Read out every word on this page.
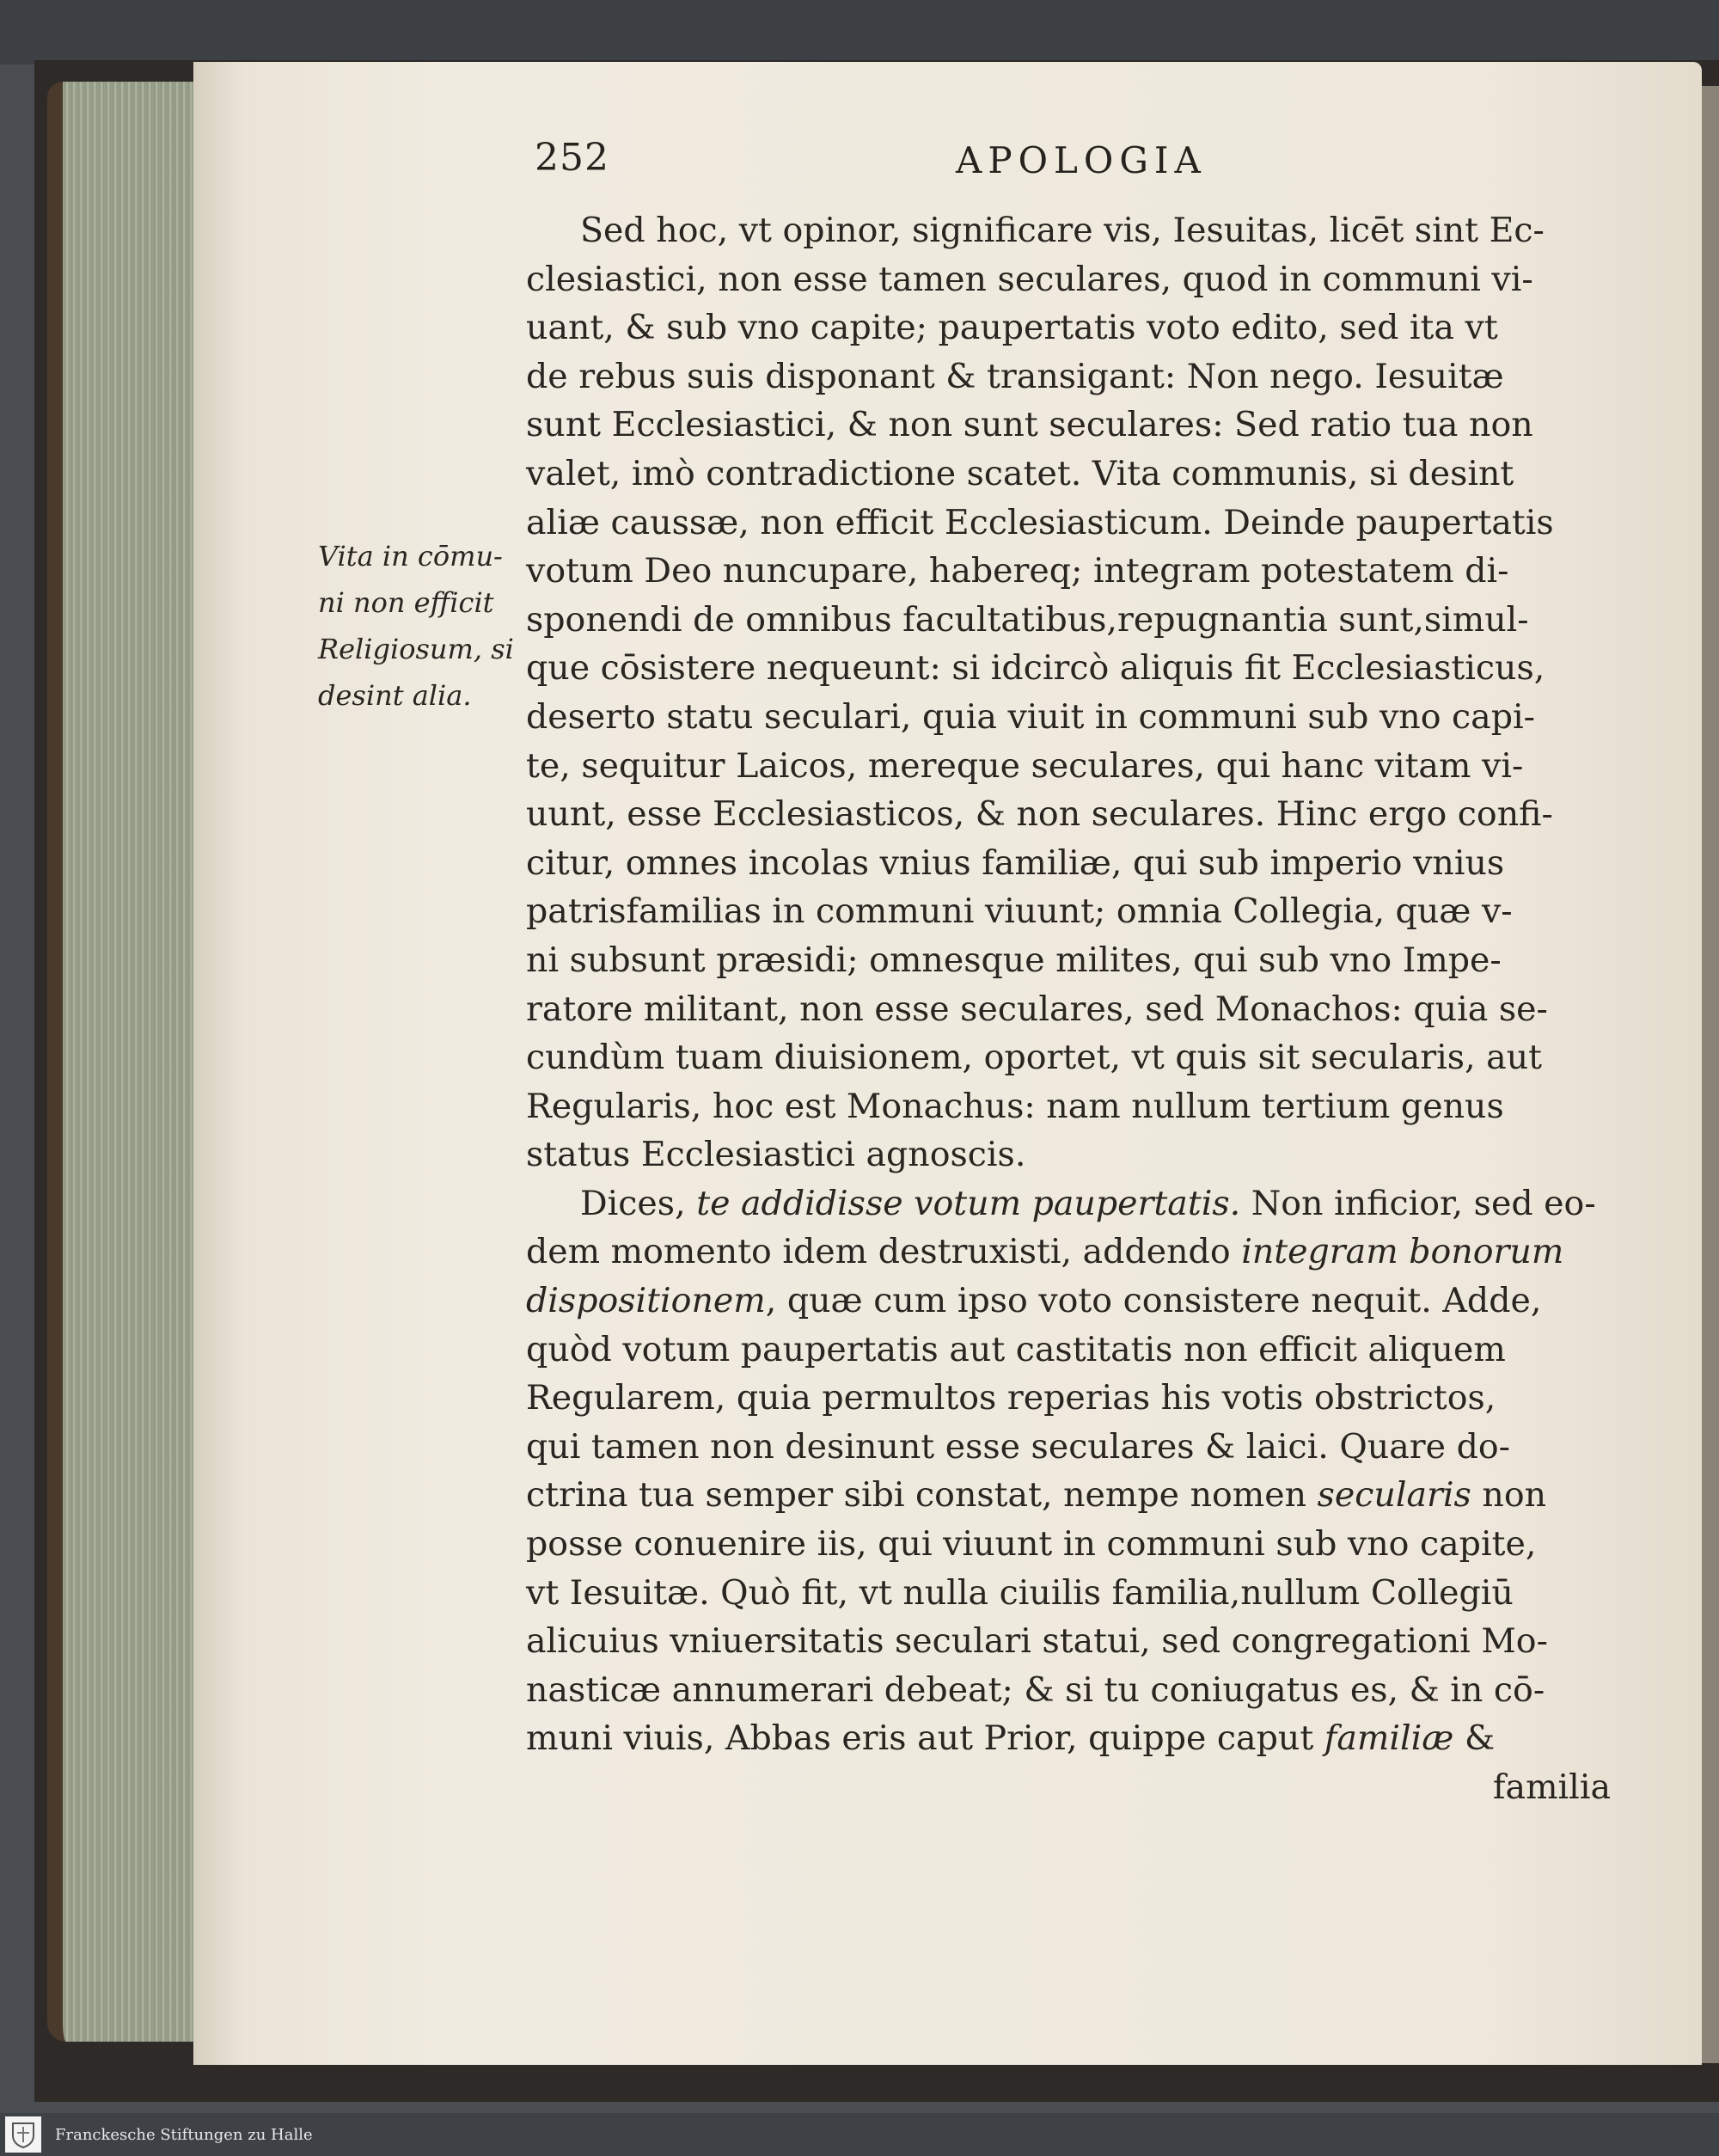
252	APOLOGIA
Vita in cōmu-
ni non efficit
Religiosum, si
desint alia.
Sed hoc, vt opinor, significare vis, Iesuitas, licēt sint Ec-
clesiastici, non esse tamen seculares, quod in communi vi-
uant, & sub vno capite; paupertatis voto edito, sed ita vt
de rebus suis disponant & transigant: Non nego. Iesuitæ
sunt Ecclesiastici, & non sunt seculares: Sed ratio tua non
valet, imò contradictione scatet. Vita communis, si desint
aliæ caussæ, non efficit Ecclesiasticum. Deinde paupertatis
votum Deo nuncupare, habereq; integram potestatem di-
sponendi de omnibus facultatibus,repugnantia sunt,simul-
que cōsistere nequeunt: si idcircò aliquis fit Ecclesiasticus,
deserto statu seculari, quia viuit in communi sub vno capi-
te, sequitur Laicos, mereque seculares, qui hanc vitam vi-
uunt, esse Ecclesiasticos, & non seculares. Hinc ergo confi-
citur, omnes incolas vnius familiæ, qui sub imperio vnius
patrisfamilias in communi viuunt; omnia Collegia, quæ v-
ni subsunt præsidi; omnesque milites, qui sub vno Impe-
ratore militant, non esse seculares, sed Monachos: quia se-
cundùm tuam diuisionem, oportet, vt quis sit secularis, aut
Regularis, hoc est Monachus: nam nullum tertium genus
status Ecclesiastici agnoscis.
Dices, te addidisse votum paupertatis. Non inficior, sed eo-
dem momento idem destruxisti, addendo integram bonorum
dispositionem, quæ cum ipso voto consistere nequit. Adde,
quòd votum paupertatis aut castitatis non efficit aliquem
Regularem, quia permultos reperias his votis obstrictos,
qui tamen non desinunt esse seculares & laici. Quare do-
ctrina tua semper sibi constat, nempe nomen secularis non
posse conuenire iis, qui viuunt in communi sub vno capite,
vt Iesuitæ. Quò fit, vt nulla ciuilis familia,nullum Collegiū
alicuius vniuersitatis seculari statui, sed congregationi Mo-
nasticæ annumerari debeat; & si tu coniugatus es, & in cō-
muni viuis, Abbas eris aut Prior, quippe caput familiæ &
familia
Franckesche Stiftungen zu Halle
